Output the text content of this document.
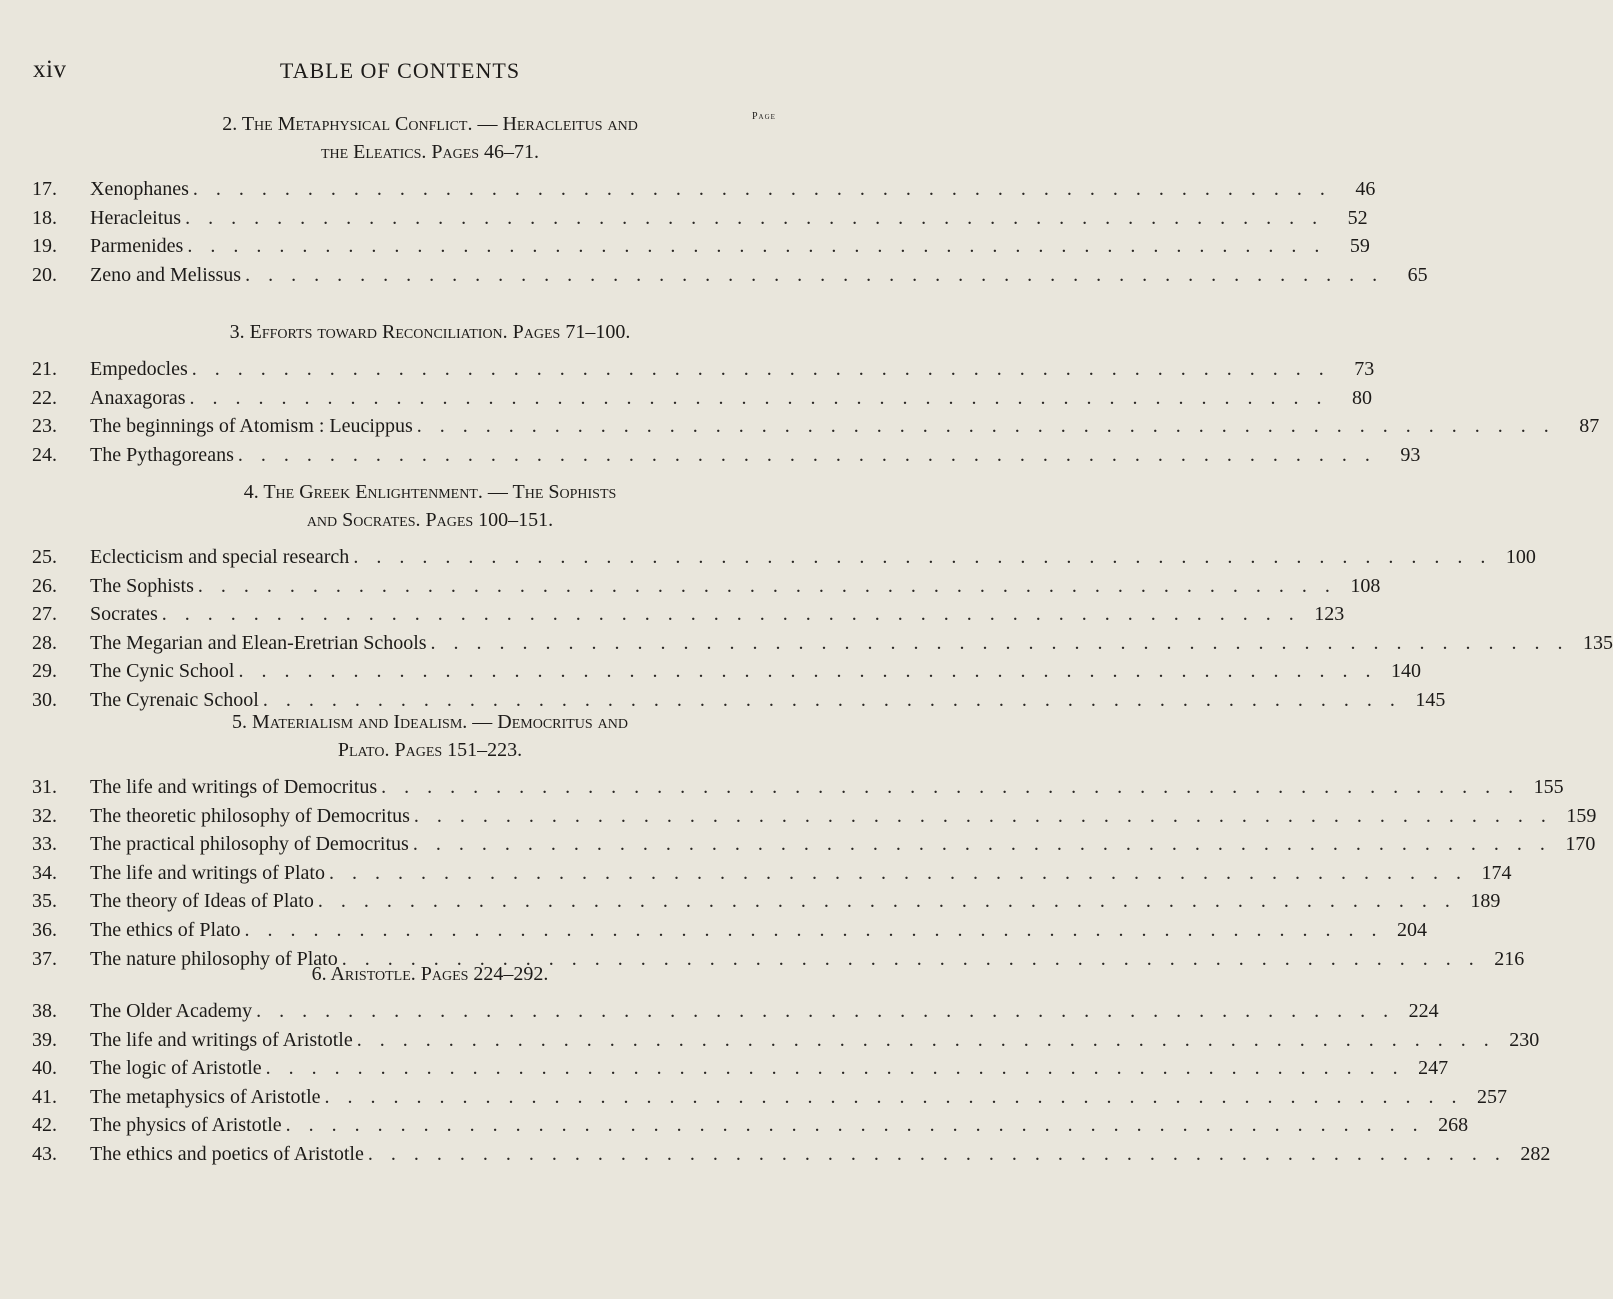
xiv	TABLE OF CONTENTS
Page
2. The Metaphysical Conflict. — Heracleitus and
the Eleatics. Pages 46–71.
17.	Xenophanes . . . . . . . . . . . . . . . . . . . . . . . . . . . . . . . . . . . . . . . . . . . . . . . . . .	46
18.	Heracleitus . . . . . . . . . . . . . . . . . . . . . . . . . . . . . . . . . . . . . . . . . . . . . . . . . .	52
19.	Parmenides . . . . . . . . . . . . . . . . . . . . . . . . . . . . . . . . . . . . . . . . . . . . . . . . . .	59
20.	Zeno and Melissus . . . . . . . . . . . . . . . . . . . . . . . . . . . . . . . . . . . . . . . . . . . . . . . . . .	65
3. Efforts toward Reconciliation. Pages 71–100.
21.	Empedocles . . . . . . . . . . . . . . . . . . . . . . . . . . . . . . . . . . . . . . . . . . . . . . . . . .	73
22.	Anaxagoras . . . . . . . . . . . . . . . . . . . . . . . . . . . . . . . . . . . . . . . . . . . . . . . . . .	80
23.	The beginnings of Atomism : Leucippus . . . . . . . . . . . . . . . . . . . . . . . . . . . . . . . . . . . . . . . . . . . . . . . . . .	87
24.	The Pythagoreans . . . . . . . . . . . . . . . . . . . . . . . . . . . . . . . . . . . . . . . . . . . . . . . . . .	93
4. The Greek Enlightenment. — The Sophists
and Socrates. Pages 100–151.
25.	Eclecticism and special research . . . . . . . . . . . . . . . . . . . . . . . . . . . . . . . . . . . . . . . . . . . . . . . . . . 100
26.	The Sophists . . . . . . . . . . . . . . . . . . . . . . . . . . . . . . . . . . . . . . . . . . . . . . . . . . 108
27.	Socrates . . . . . . . . . . . . . . . . . . . . . . . . . . . . . . . . . . . . . . . . . . . . . . . . . . 123
28.	The Megarian and Elean-Eretrian Schools . . . . . . . . . . . . . . . . . . . . . . . . . . . . . . . . . . . . . . . . . . . . . . . . . . 135
29.	The Cynic School . . . . . . . . . . . . . . . . . . . . . . . . . . . . . . . . . . . . . . . . . . . . . . . . . . 140
30.	The Cyrenaic School . . . . . . . . . . . . . . . . . . . . . . . . . . . . . . . . . . . . . . . . . . . . . . . . . . 145
5. Materialism and Idealism. — Democritus and
Plato. Pages 151–223.
31.	The life and writings of Democritus . . . . . . . . . . . . . . . . . . . . . . . . . . . . . . . . . . . . . . . . . . . . . . . . . . 155
32.	The theoretic philosophy of Democritus . . . . . . . . . . . . . . . . . . . . . . . . . . . . . . . . . . . . . . . . . . . . . . . . . . 159
33.	The practical philosophy of Democritus . . . . . . . . . . . . . . . . . . . . . . . . . . . . . . . . . . . . . . . . . . . . . . . . . . 170
34.	The life and writings of Plato . . . . . . . . . . . . . . . . . . . . . . . . . . . . . . . . . . . . . . . . . . . . . . . . . . 174
35.	The theory of Ideas of Plato . . . . . . . . . . . . . . . . . . . . . . . . . . . . . . . . . . . . . . . . . . . . . . . . . . 189
36.	The ethics of Plato . . . . . . . . . . . . . . . . . . . . . . . . . . . . . . . . . . . . . . . . . . . . . . . . . . 204
37.	The nature philosophy of Plato . . . . . . . . . . . . . . . . . . . . . . . . . . . . . . . . . . . . . . . . . . . . . . . . . . 216
6. Aristotle. Pages 224–292.
38.	The Older Academy . . . . . . . . . . . . . . . . . . . . . . . . . . . . . . . . . . . . . . . . . . . . . . . . . . 224
39.	The life and writings of Aristotle . . . . . . . . . . . . . . . . . . . . . . . . . . . . . . . . . . . . . . . . . . . . . . . . . . 230
40.	The logic of Aristotle . . . . . . . . . . . . . . . . . . . . . . . . . . . . . . . . . . . . . . . . . . . . . . . . . . 247
41.	The metaphysics of Aristotle . . . . . . . . . . . . . . . . . . . . . . . . . . . . . . . . . . . . . . . . . . . . . . . . . . 257
42.	The physics of Aristotle . . . . . . . . . . . . . . . . . . . . . . . . . . . . . . . . . . . . . . . . . . . . . . . . . . 268
43.	The ethics and poetics of Aristotle . . . . . . . . . . . . . . . . . . . . . . . . . . . . . . . . . . . . . . . . . . . . . . . . . . 282
